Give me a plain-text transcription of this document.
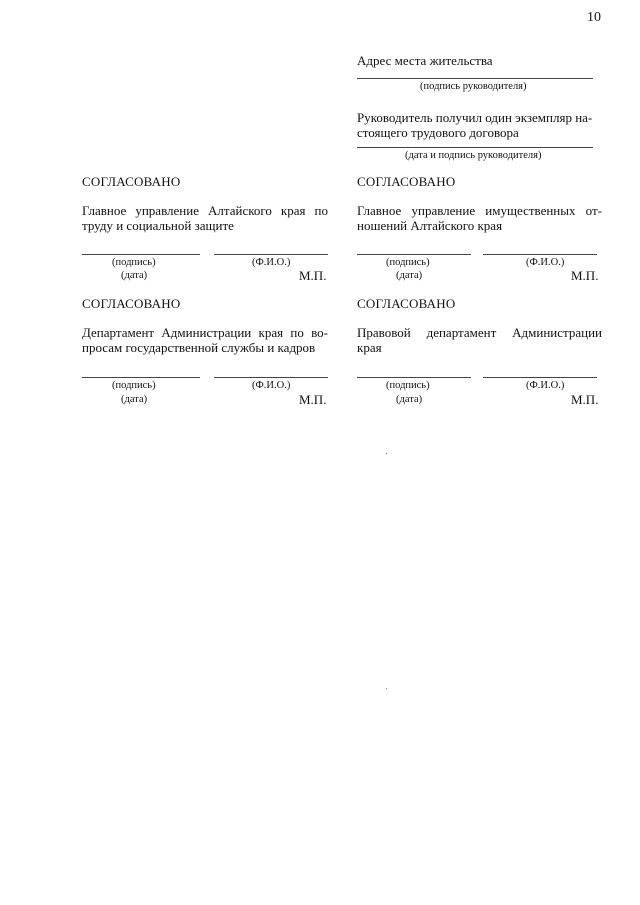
10
Адрес места жительства
(подпись руководителя)
Руководитель получил один экземпляр на-
стоящего трудового договора
(дата и подпись руководителя)
СОГЛАСОВАНО
Главное управление Алтайского края по
труду и социальной защите
(подпись)	(Ф.И.О.)
(дата)	М.П.
СОГЛАСОВАНО
Главное управление имущественных от-
ношений Алтайского края
(подпись)	(Ф.И.О.)
(дата)	М.П.
СОГЛАСОВАНО
Департамент Администрации края по во-
просам государственной службы и кадров
(подпись)	(Ф.И.О.)
(дата)	М.П.
СОГЛАСОВАНО
Правовой департамент Администрации
края
(подпись)	(Ф.И.О.)
(дата)	М.П.
